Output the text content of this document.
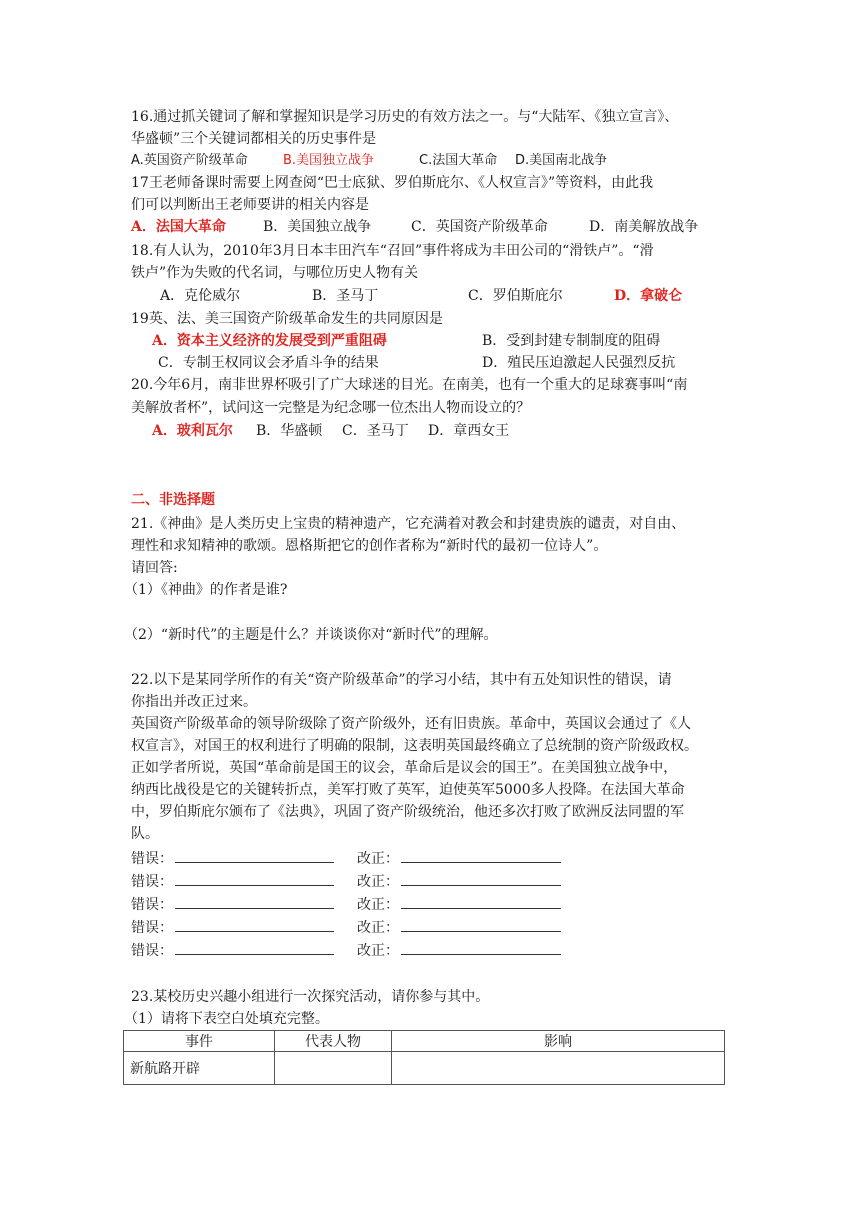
16.通过抓关键词了解和掌握知识是学习历史的有效方法之一。与“大陆军、《独立宣言》、
华盛顿”三个关键词都相关的历史事件是
A.英国资产阶级革命	B.美国独立战争	C.法国大革命 D.美国南北战争
17王老师备课时需要上网查阅“巴士底狱、罗伯斯庇尔、《人权宣言》”等资料，由此我
们可以判断出王老师要讲的相关内容是
A．法国大革命	B．美国独立战争	C．英国资产阶级革命	D．南美解放战争
18.有人认为，2010年3月日本丰田汽车“召回”事件将成为丰田公司的“滑铁卢”。“滑
铁卢”作为失败的代名词，与哪位历史人物有关
A．克伦威尔	B．圣马丁	C．罗伯斯庇尔	D．拿破仑
19英、法、美三国资产阶级革命发生的共同原因是
A．资本主义经济的发展受到严重阻碍	B．受到封建专制制度的阻碍
C．专制王权同议会矛盾斗争的结果	D．殖民压迫激起人民强烈反抗
20.今年6月，南非世界杯吸引了广大球迷的目光。在南美，也有一个重大的足球赛事叫“南
美解放者杯”，试问这一完整是为纪念哪一位杰出人物而设立的？
A．玻利瓦尔 B．华盛顿 C．圣马丁 D．章西女王
二、非选择题
21.《神曲》是人类历史上宝贵的精神遗产，它充满着对教会和封建贵族的谴责，对自由、
理性和求知精神的歌颂。恩格斯把它的创作者称为“新时代的最初一位诗人”。
请回答:
（1）《神曲》的作者是谁?
（2）“新时代”的主题是什么？并谈谈你对“新时代”的理解。
22.以下是某同学所作的有关“资产阶级革命”的学习小结，其中有五处知识性的错误，请
你指出并改正过来。
英国资产阶级革命的领导阶级除了资产阶级外，还有旧贵族。革命中，英国议会通过了《人
权宣言》，对国王的权利进行了明确的限制，这表明英国最终确立了总统制的资产阶级政权。
正如学者所说，英国“革命前是国王的议会，革命后是议会的国王”。在美国独立战争中，
纳西比战役是它的关键转折点，美军打败了英军，迫使英军5000多人投降。在法国大革命
中，罗伯斯庇尔颁布了《法典》，巩固了资产阶级统治，他还多次打败了欧洲反法同盟的军
队。
错误：	改正：
错误：	改正：
错误：	改正：
错误：	改正：
错误：	改正：
23.某校历史兴趣小组进行一次探究活动，请你参与其中。
（1）请将下表空白处填充完整。
事件	代表人物	影响
新航路开辟		
